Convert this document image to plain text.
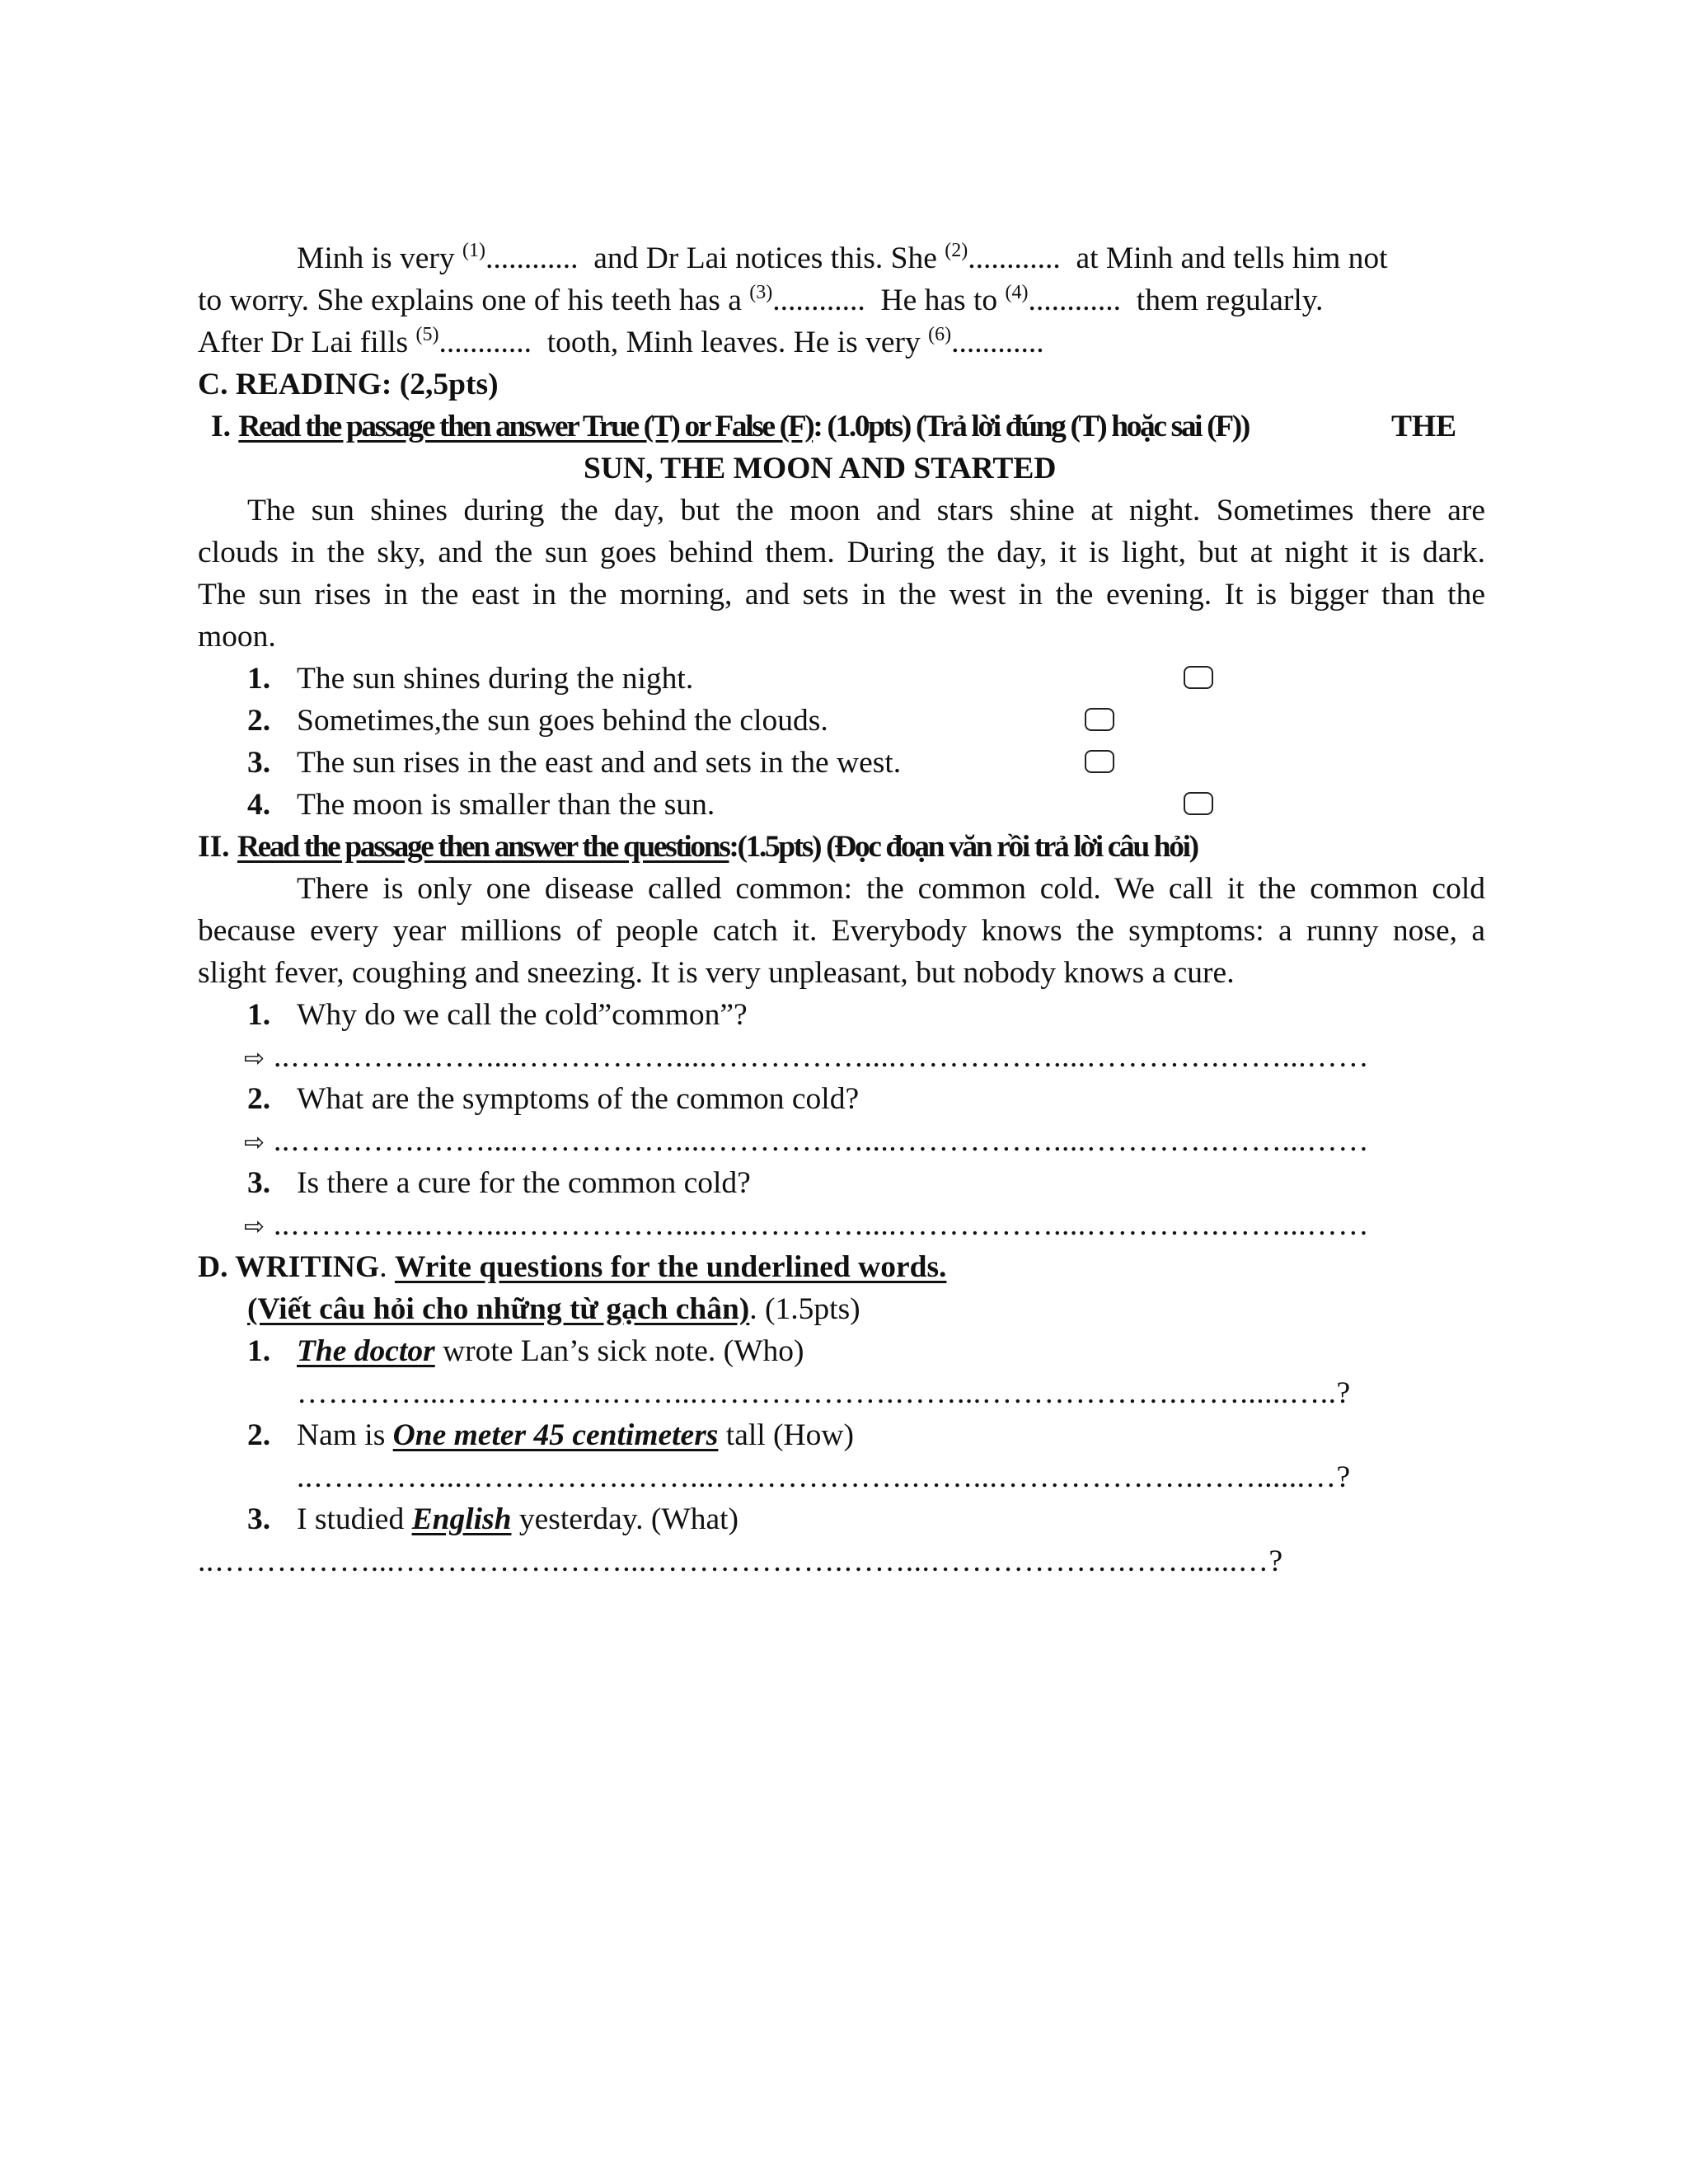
Minh is very $^{(1)}$............  and Dr Lai notices this. She $^{(2)}$............  at Minh and tells him not
to worry. She explains one of his teeth has a $^{(3)}$............  He has to $^{(4)}$............  them regularly.
After Dr Lai fills $^{(5)}$............  tooth, Minh leaves. He is very $^{(6)}$............
C. READING: (2,5pts)
I. Read the passage then answer True (T) or False (F): (1.0pts) (Trả lời đúng (T) hoặc sai (F))	THE
SUN, THE MOON AND STARTED
The sun shines during the day, but the moon and stars shine at night. Sometimes there are
clouds in the sky, and the sun goes behind them. During the day, it is light, but at night it is dark.
The sun rises in the east in the morning, and sets in the west in the evening. It is bigger than the
moon.
1. The sun shines during the night.
2. Sometimes,the sun goes behind the clouds.
3. The sun rises in the east and and sets in the west.
4. The moon is smaller than the sun.
II. Read the passage then answer the questions:(1.5pts) (Đọc đoạn văn rồi trả lời câu hỏi)
There is only one disease called common: the common cold. We call it the common cold
because every year millions of people catch it. Everybody knows the symptoms: a runny nose, a
slight fever, coughing and sneezing. It is very unpleasant, but nobody knows a cure.
1. Why do we call the cold”common”?
⇨ ..………….……....……………....……………....……………....………….……...……
2. What are the symptoms of the common cold?
⇨ ..………….……....……………....……………....……………....………….……...……
3. Is there a cure for the common cold?
⇨ ..………….……....……………....……………....……………....………….……...……
D. WRITING. Write questions for the underlined words.
(Viết câu hỏi cho những từ gạch chân). (1.5pts)
1. The doctor wrote Lan’s sick note. (Who)
…………...…………….……...……………….……...……………….……......…..?
2. Nam is One meter 45 centimeters tall (How)
..…………...…………….……...……………….……...……………….……......…?
3. I studied English yesterday. (What)
..……………...…………….……...……………….……...……………….……......…?
